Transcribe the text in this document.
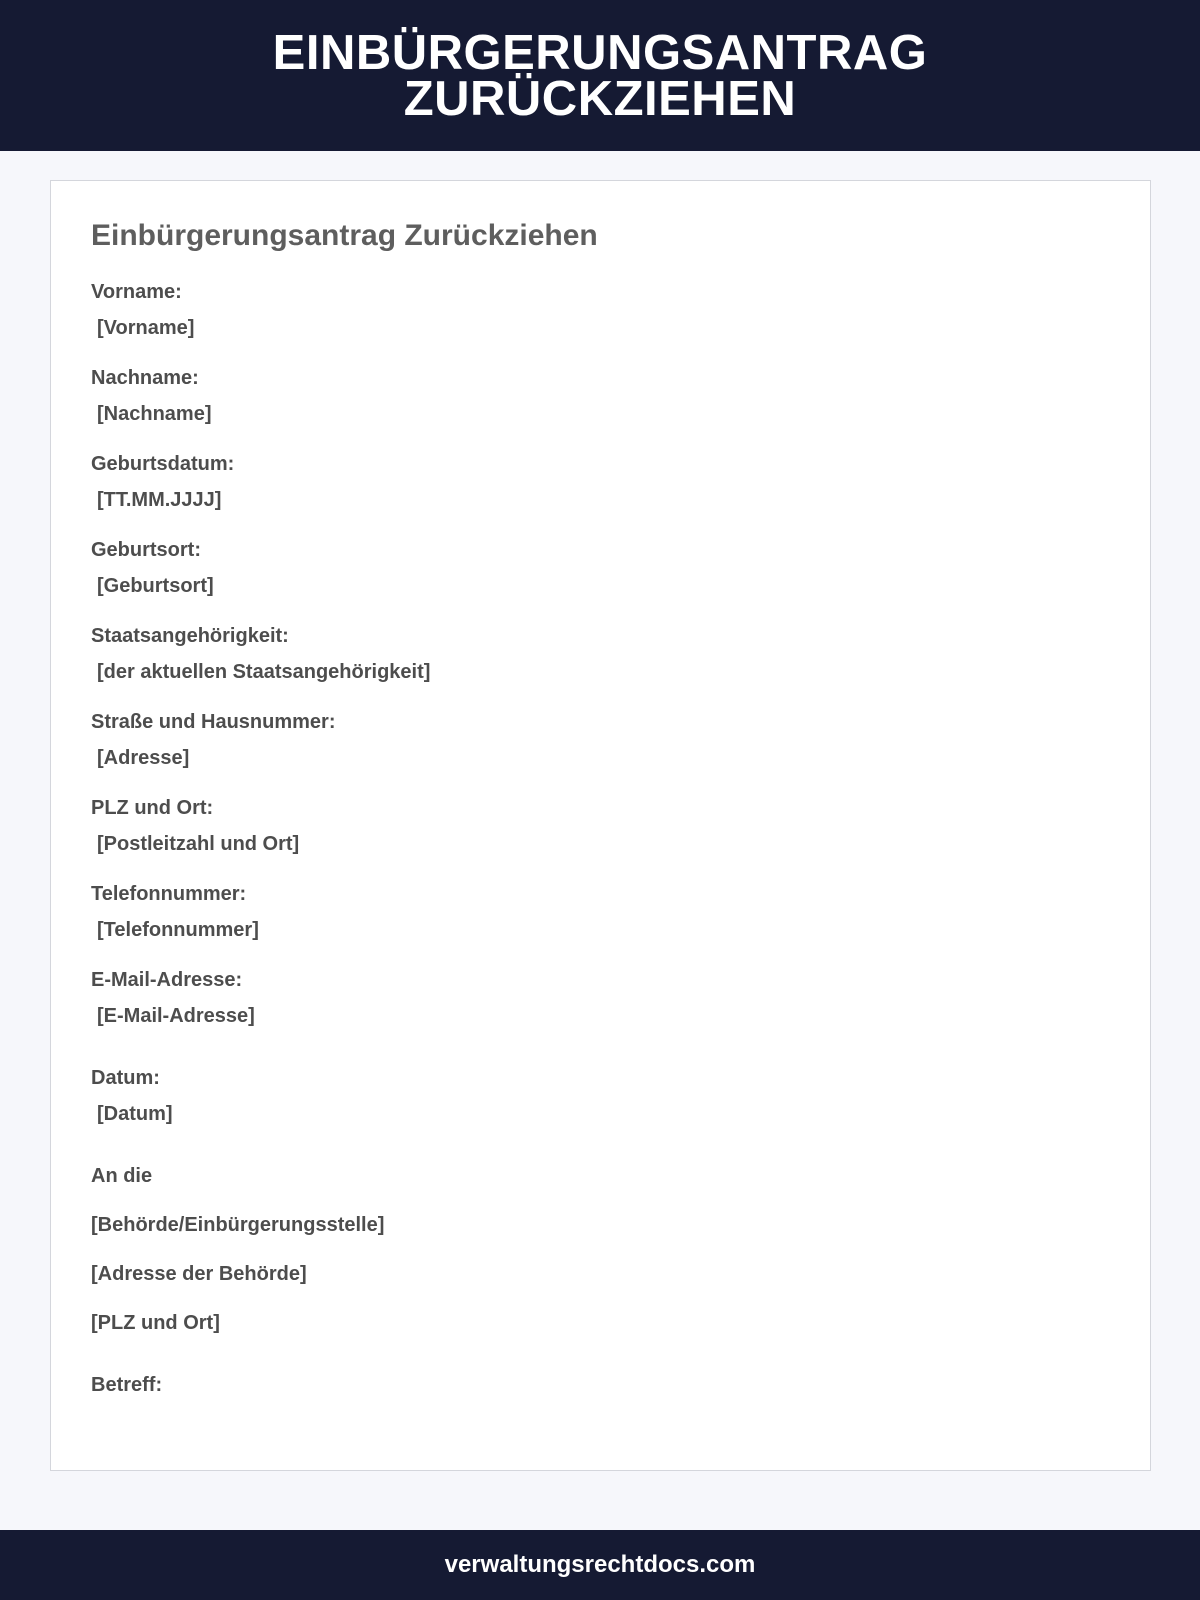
EINBÜRGERUNGSANTRAG ZURÜCKZIEHEN
Einbürgerungsantrag Zurückziehen
Vorname:
[Vorname]
Nachname:
[Nachname]
Geburtsdatum:
[TT.MM.JJJJ]
Geburtsort:
[Geburtsort]
Staatsangehörigkeit:
[der aktuellen Staatsangehörigkeit]
Straße und Hausnummer:
[Adresse]
PLZ und Ort:
[Postleitzahl und Ort]
Telefonnummer:
[Telefonnummer]
E-Mail-Adresse:
[E-Mail-Adresse]
Datum:
[Datum]
An die
[Behörde/Einbürgerungsstelle]
[Adresse der Behörde]
[PLZ und Ort]
Betreff:
verwaltungsrechtdocs.com
